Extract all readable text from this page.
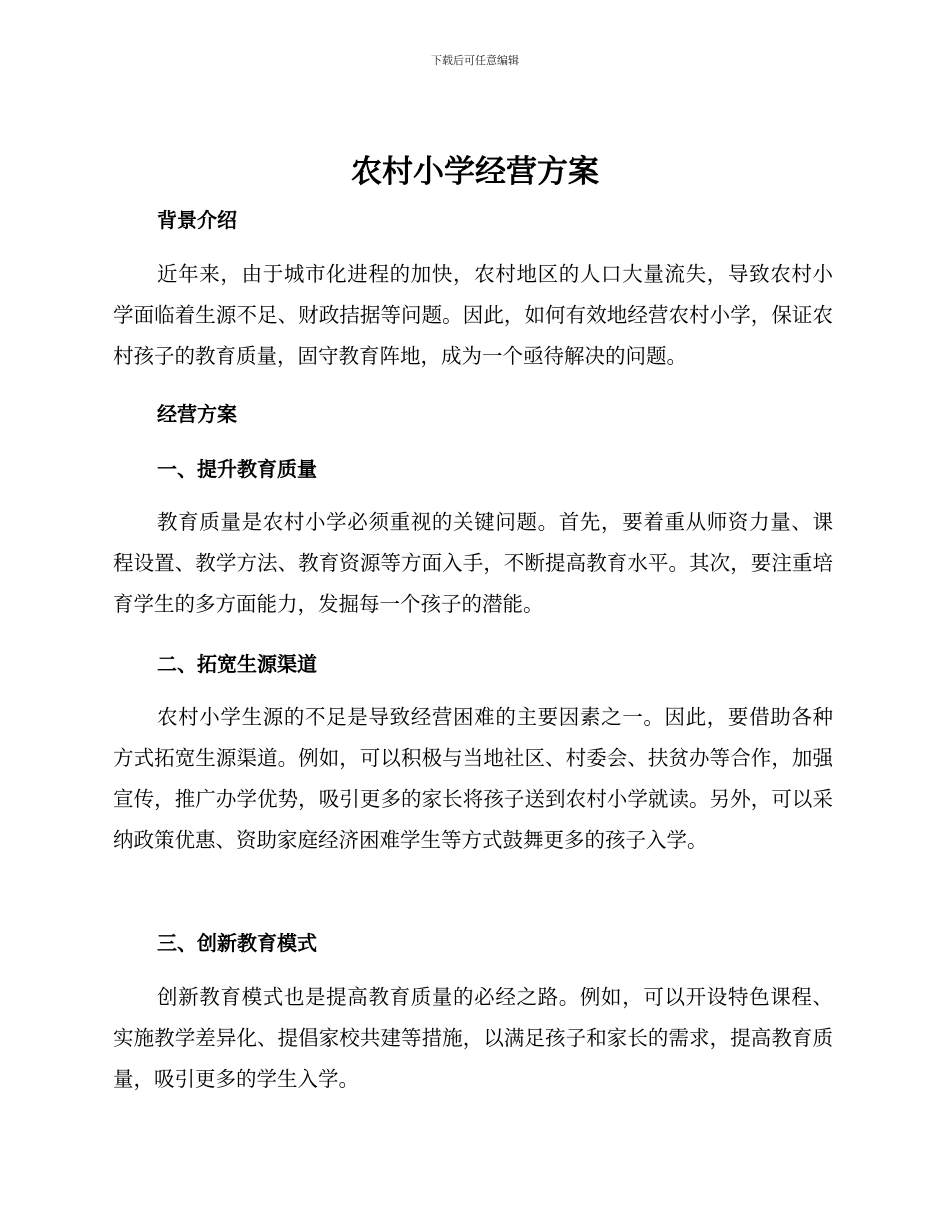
下载后可任意编辑
农村小学经营方案
背景介绍

近年来，由于城市化进程的加快，农村地区的人口大量流失，导致农村小学面临着生源不足、财政拮据等问题。因此，如何有效地经营农村小学，保证农村孩子的教育质量，固守教育阵地，成为一个亟待解决的问题。

经营方案
一、提升教育质量

教育质量是农村小学必须重视的关键问题。首先，要着重从师资力量、课程设置、教学方法、教育资源等方面入手，不断提高教育水平。其次，要注重培育学生的多方面能力，发掘每一个孩子的潜能。

二、拓宽生源渠道

农村小学生源的不足是导致经营困难的主要因素之一。因此，要借助各种方式拓宽生源渠道。例如，可以积极与当地社区、村委会、扶贫办等合作，加强宣传，推广办学优势，吸引更多的家长将孩子送到农村小学就读。另外，可以采纳政策优惠、资助家庭经济困难学生等方式鼓舞更多的孩子入学。

三、创新教育模式

创新教育模式也是提高教育质量的必经之路。例如，可以开设特色课程、实施教学差异化、提倡家校共建等措施，以满足孩子和家长的需求，提高教育质量，吸引更多的学生入学。
